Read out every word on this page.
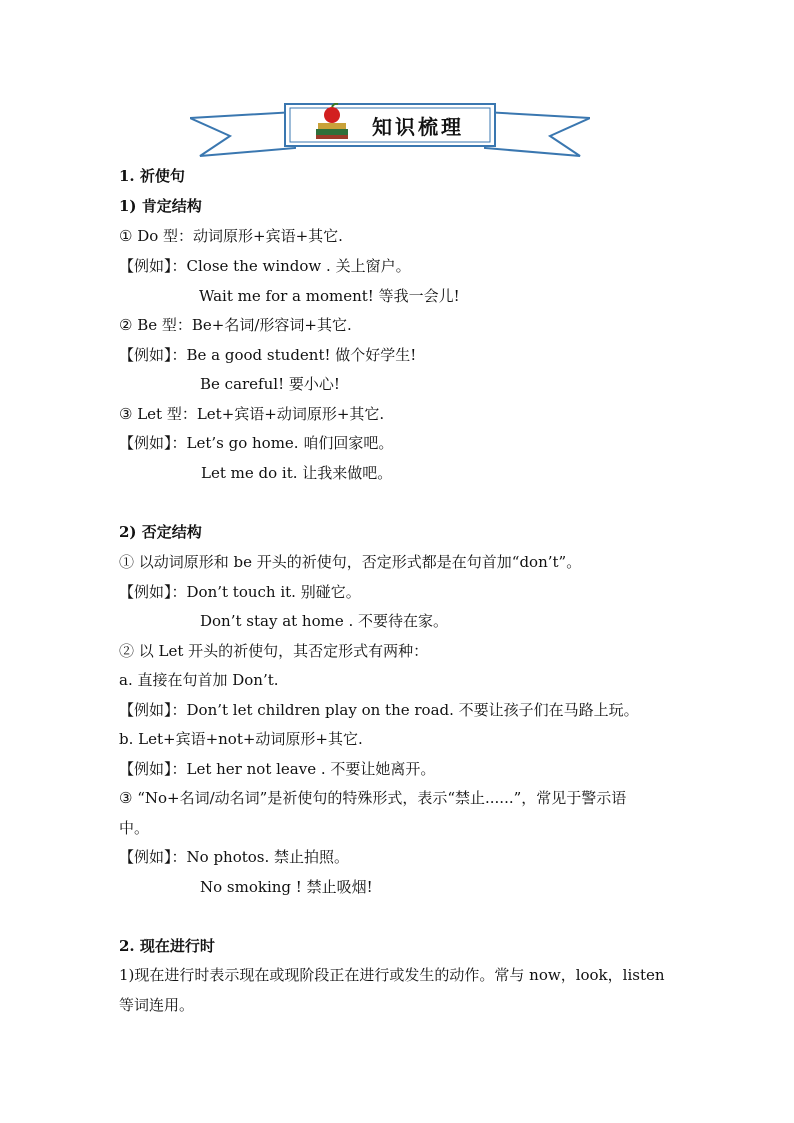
知识梳理
1. 祈使句
1) 肯定结构
① Do 型：动词原形+宾语+其它.
【例如】：Close the window . 关上窗户。
Wait me for a moment! 等我一会儿!
② Be 型：Be+名词/形容词+其它.
【例如】：Be a good student! 做个好学生!
Be careful! 要小心!
③ Let 型：Let+宾语+动词原形+其它.
【例如】：Let’s go home. 咱们回家吧。
Let me do it. 让我来做吧。
2) 否定结构
① 以动词原形和 be 开头的祈使句，否定形式都是在句首加“don’t”。
【例如】：Don’t touch it. 别碰它。
Don’t stay at home . 不要待在家。
② 以 Let 开头的祈使句，其否定形式有两种：
a. 直接在句首加 Don’t.
【例如】：Don’t let children play on the road. 不要让孩子们在马路上玩。
b. Let+宾语+not+动词原形+其它.
【例如】：Let her not leave . 不要让她离开。
③ “No+名词/动名词”是祈使句的特殊形式，表示“禁止......”，常见于警示语
中。
【例如】：No photos. 禁止拍照。
No smoking ! 禁止吸烟!
2. 现在进行时
1)现在进行时表示现在或现阶段正在进行或发生的动作。常与 now，look，listen
等词连用。
